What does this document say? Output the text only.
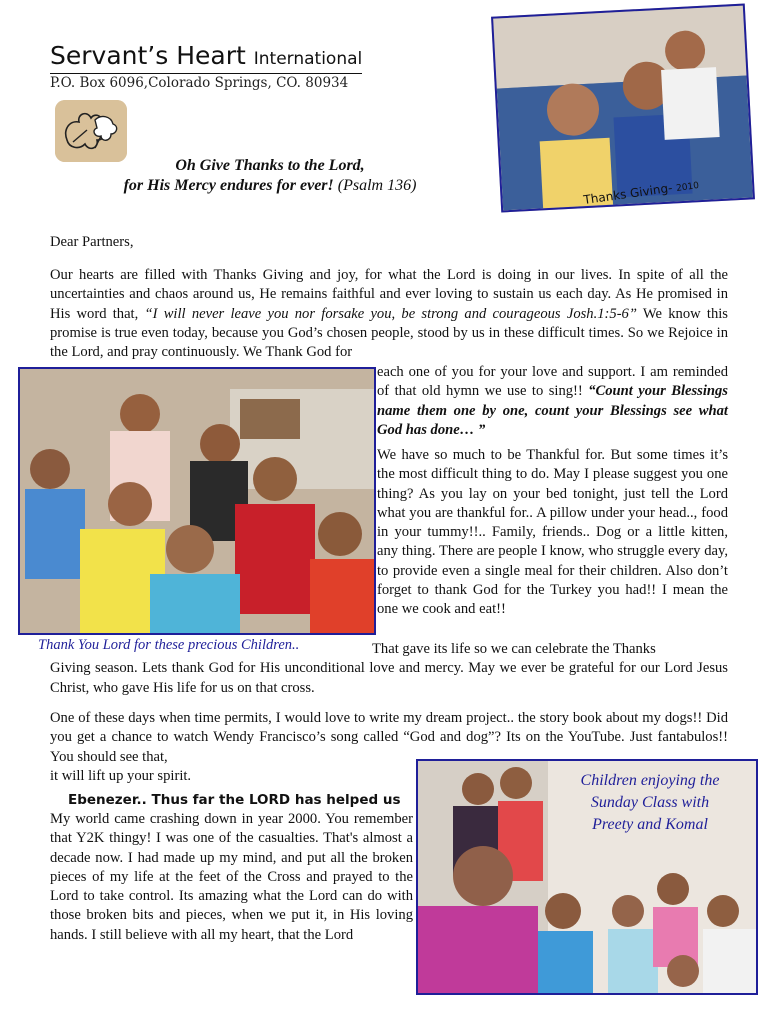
Servant’s Heart International
P.O. Box 6096,Colorado Springs, CO. 80934
Oh Give Thanks to the Lord,
for His Mercy endures for ever! (Psalm 136)	Thanks Giving- 2010
Dear Partners,
Our hearts are filled with Thanks Giving and joy, for what the Lord is doing in our lives. In spite of all the uncertainties and chaos around us, He remains faithful and ever loving to sustain us each day. As He promised in His word that, “I will never leave you nor forsake you, be strong and courageous Josh.1:5-6” We know this promise is true even today, because you God’s chosen people, stood by us in these difficult times. So we Rejoice in the Lord, and pray continuously. We Thank God for
Thank You Lord for these precious Children..
each one of you for your love and support. I am reminded of that old hymn we use to sing!! “Count your Blessings name them one by one, count your Blessings see what God has done… ”
We have so much to be Thankful for. But some times it’s the most difficult thing to do. May I please suggest you one thing? As you lay on your bed tonight, just tell the Lord what you are thankful for.. A pillow under your head.., food in your tummy!!.. Family, friends.. Dog or a little kitten, any thing. There are people I know, who struggle every day, to provide even a single meal for their children. Also don’t forget to thank God for the Turkey you had!! I mean the one we cook and eat!!
That gave its life so we can celebrate the Thanks
Giving season. Lets thank God for His unconditional love and mercy. May we ever be grateful for our Lord Jesus Christ, who gave His life for us on that cross.
One of these days when time permits, I would love to write my dream project.. the story book about my dogs!! Did you get a chance to watch Wendy Francisco’s song called “God and dog”? Its on the YouTube. Just fantabulos!! You should see that,
it will lift up your spirit.
Ebenezer.. Thus far the LORD has helped us
My world came crashing down in year 2000. You remember that Y2K thingy! I was one of the casualties. That's almost a decade now. I had made up my mind, and put all the broken pieces of my life at the feet of the Cross and prayed to the Lord to take control. Its amazing what the Lord can do with those broken bits and pieces, when we put it, in His loving hands. I still believe with all my heart, that the Lord
Children enjoying the
Sunday Class with
Preety and Komal
